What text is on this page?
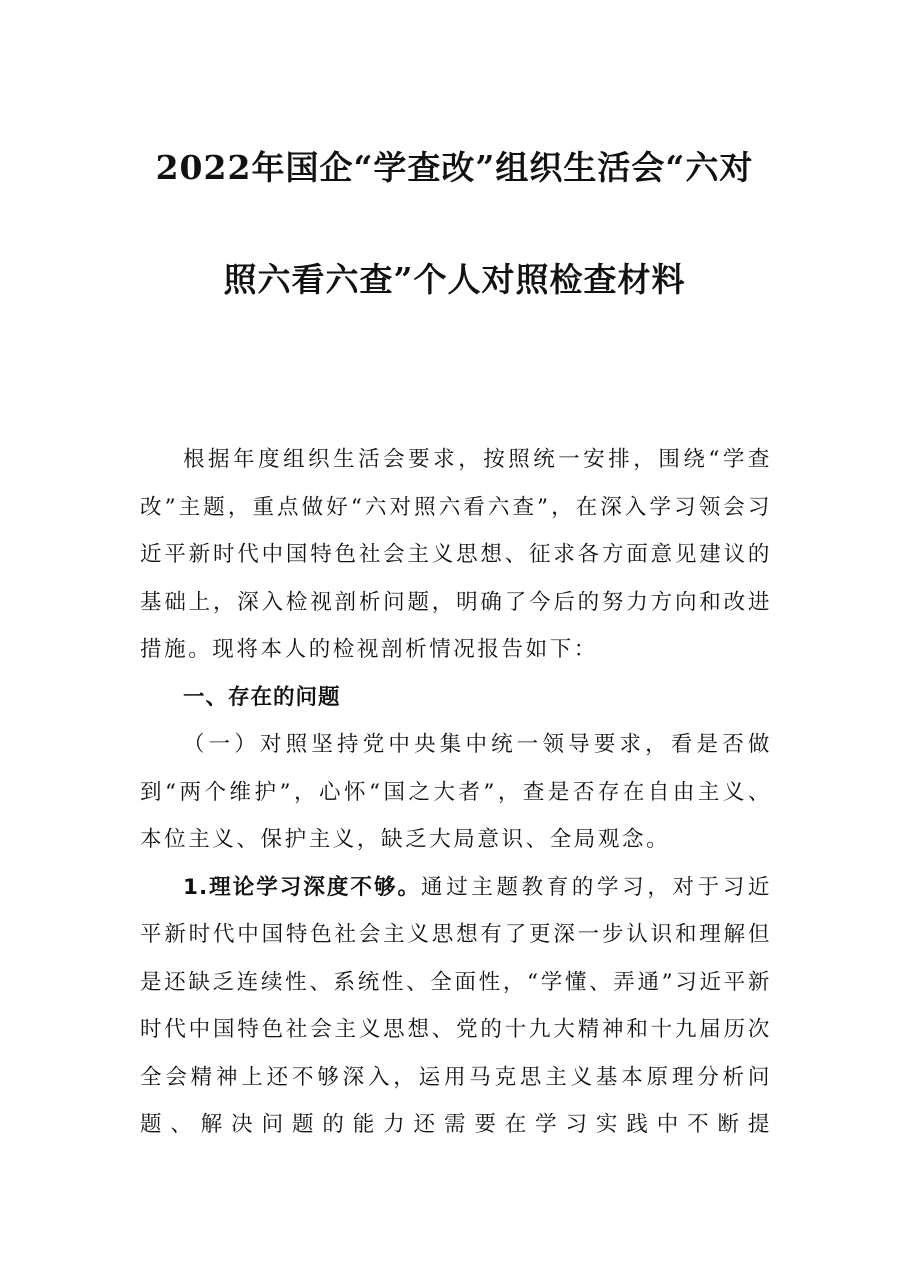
2022年国企“学查改”组织生活会“六对
照六看六查”个人对照检查材料

根据年度组织生活会要求，按照统一安排，围绕“学查改”主题，重点做好“六对照六看六查”，在深入学习领会习近平新时代中国特色社会主义思想、征求各方面意见建议的基础上，深入检视剖析问题，明确了今后的努力方向和改进措施。现将本人的检视剖析情况报告如下：

一、存在的问题

（一）对照坚持党中央集中统一领导要求，看是否做到“两个维护”，心怀“国之大者”，查是否存在自由主义、本位主义、保护主义，缺乏大局意识、全局观念。

1.理论学习深度不够。通过主题教育的学习，对于习近平新时代中国特色社会主义思想有了更深一步认识和理解但是还缺乏连续性、系统性、全面性，“学懂、弄通”习近平新时代中国特色社会主义思想、党的十九大精神和十九届历次全会精神上还不够深入，运用马克思主义基本原理分析问题、解决问题的能力还需要在学习实践中不断提
